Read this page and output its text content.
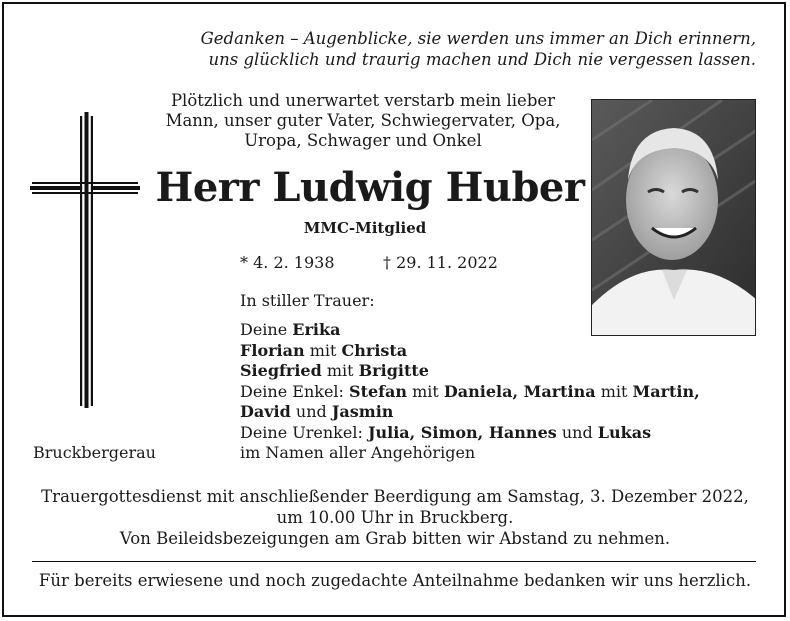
Gedanken – Augenblicke, sie werden uns immer an Dich erinnern,
uns glücklich und traurig machen und Dich nie vergessen lassen.
Plötzlich und unerwartet verstarb mein lieber
Mann, unser guter Vater, Schwiegervater, Opa,
Uropa, Schwager und Onkel
Herr Ludwig Huber
MMC-Mitglied
* 4. 2. 1938	† 29. 11. 2022
In stiller Trauer:
Deine Erika
Florian mit Christa
Siegfried mit Brigitte
Deine Enkel: Stefan mit Daniela, Martina mit Martin,
David und Jasmin
Deine Urenkel: Julia, Simon, Hannes und Lukas
Bruckbergerau	im Namen aller Angehörigen
Trauergottesdienst mit anschließender Beerdigung am Samstag, 3. Dezember 2022,
um 10.00 Uhr in Bruckberg.
Von Beileidsbezeigungen am Grab bitten wir Abstand zu nehmen.
Für bereits erwiesene und noch zugedachte Anteilnahme bedanken wir uns herzlich.
